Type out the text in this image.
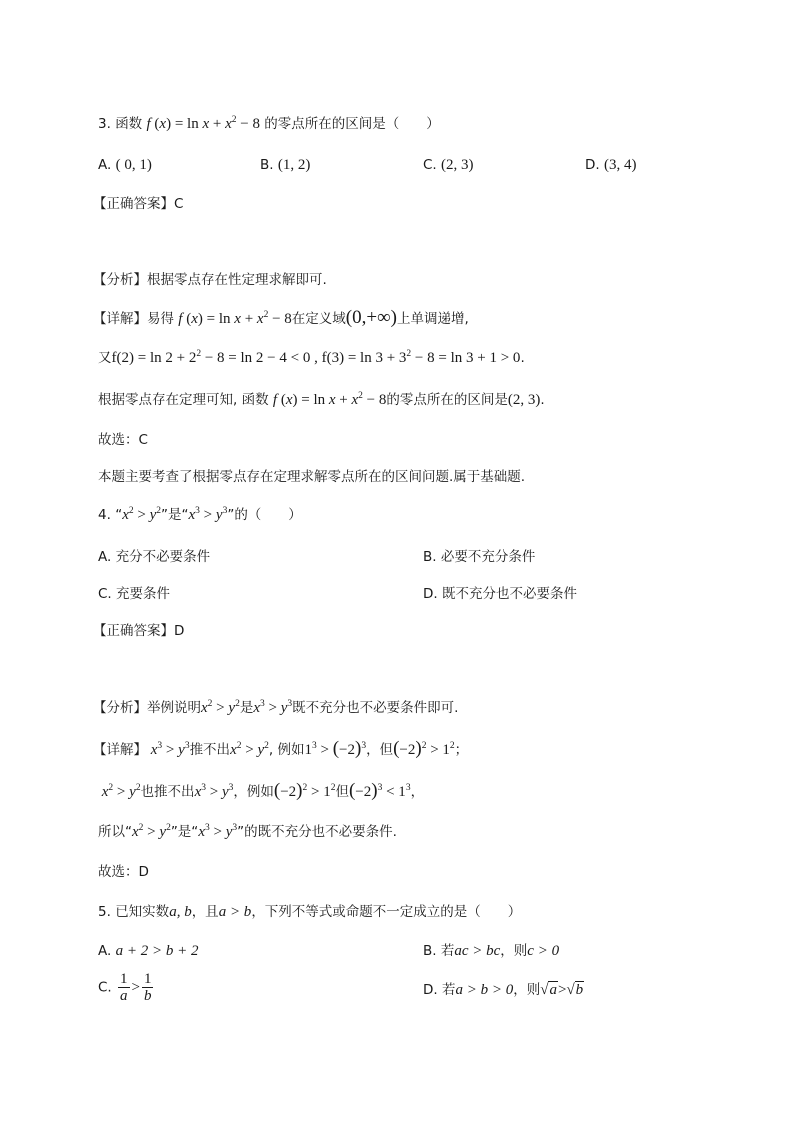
3. 函数 f $(x) = \ln x + x^2 - 8$ 的零点所在的区间是（　　）
A. ( 0, 1)	B. (1, 2)	C. (2, 3)	D. (3, 4)
【正确答案】C
【分析】根据零点存在性定理求解即可.
【详解】易得 f $(x) = \ln x + x^2 - 8$在定义域(0,+∞)上单调递增,
又$f(2) = \ln 2 + 2^2 - 8 = \ln 2 - 4 < 0$ , $f(3) = \ln 3 + 3^2 - 8 = \ln 3 + 1 > 0$.
根据零点存在定理可知, 函数 f $(x) = \ln x + x^2 - 8$的零点所在的区间是(2, 3).
故选：C
本题主要考查了根据零点存在定理求解零点所在的区间问题.属于基础题.
4. “$x^2 > y^2$”是“$x^3 > y^3$”的（　　）
A. 充分不必要条件	B. 必要不充分条件
C. 充要条件	D. 既不充分也不必要条件
【正确答案】D
【分析】举例说明$x^2 > y^2$是$x^3 > y^3$既不充分也不必要条件即可.
【详解】 $x^3 > y^3$推不出$x^2 > y^2$, 例如$1^3 > (-2)^3$，但$(-2)^2 > 1^2$；
$x^2 > y^2$也推不出$x^3 > y^3$，例如$(-2)^2 > 1^2$但$(-2)^3 < 1^3$，
所以“$x^2 > y^2$”是“$x^3 > y^3$”的既不充分也不必要条件.
故选：D
5. 已知实数a, b，且a > b，下列不等式或命题不一定成立的是（　　）
A. a + 2 > b + 2	B. 若ac > bc，则c > 0
C. $\frac{1}{a} > \frac{1}{b}$	D. 若a > b > 0，则√a>√b
